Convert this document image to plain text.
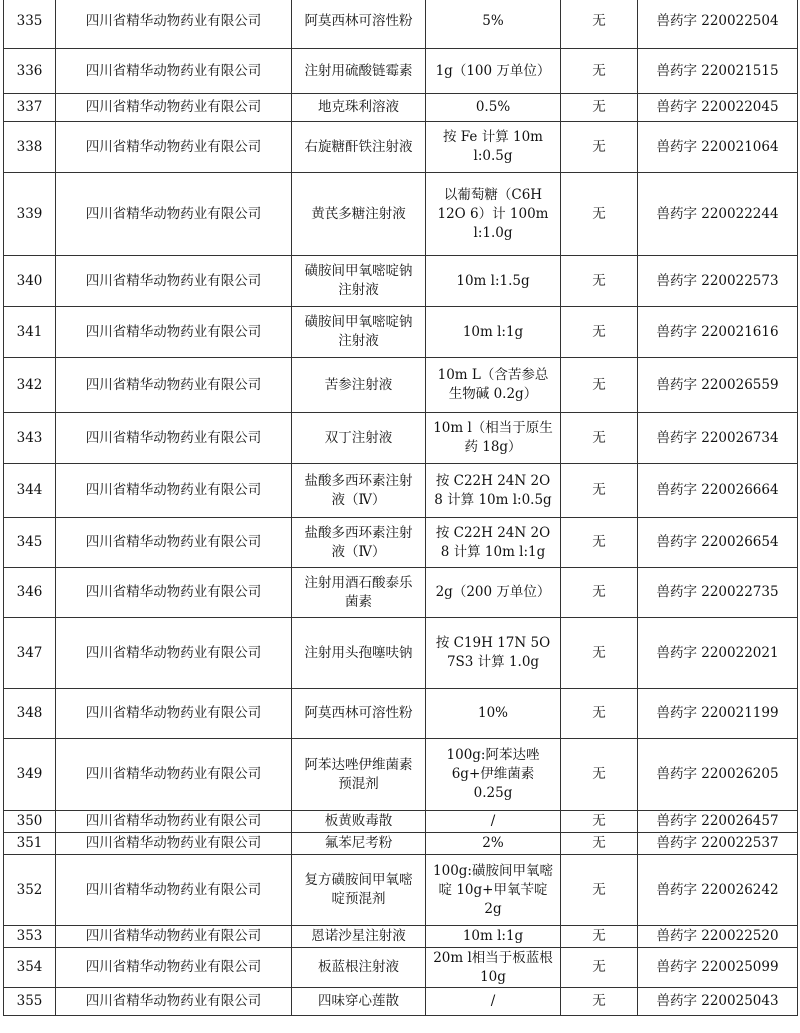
335	四川省精华动物药业有限公司	阿莫西林可溶性粉	5%	无	兽药字 220022504
336	四川省精华动物药业有限公司	注射用硫酸链霉素	1g（100 万单位）	无	兽药字 220021515
337	四川省精华动物药业有限公司	地克珠利溶液	0.5%	无	兽药字 220022045
338	四川省精华动物药业有限公司	右旋糖酐铁注射液	按 Fe 计算 10m l:0.5g	无	兽药字 220021064
339	四川省精华动物药业有限公司	黄芪多糖注射液	以葡萄糖（C6H 12O 6）计 100m l:1.0g	无	兽药字 220022244
340	四川省精华动物药业有限公司	磺胺间甲氧嘧啶钠注射液	10m l:1.5g	无	兽药字 220022573
341	四川省精华动物药业有限公司	磺胺间甲氧嘧啶钠注射液	10m l:1g	无	兽药字 220021616
342	四川省精华动物药业有限公司	苦参注射液	10m L（含苦参总生物碱 0.2g）	无	兽药字 220026559
343	四川省精华动物药业有限公司	双丁注射液	10m l（相当于原生药 18g）	无	兽药字 220026734
344	四川省精华动物药业有限公司	盐酸多西环素注射液（Ⅳ）	按 C22H 24N 2O 8 计算 10m l:0.5g	无	兽药字 220026664
345	四川省精华动物药业有限公司	盐酸多西环素注射液（Ⅳ）	按 C22H 24N 2O 8 计算 10m l:1g	无	兽药字 220026654
346	四川省精华动物药业有限公司	注射用酒石酸泰乐菌素	2g（200 万单位）	无	兽药字 220022735
347	四川省精华动物药业有限公司	注射用头孢噻呋钠	按 C19H 17N 5O 7S3 计算 1.0g	无	兽药字 220022021
348	四川省精华动物药业有限公司	阿莫西林可溶性粉	10%	无	兽药字 220021199
349	四川省精华动物药业有限公司	阿苯达唑伊维菌素预混剂	100g:阿苯达唑 6g+伊维菌素 0.25g	无	兽药字 220026205
350	四川省精华动物药业有限公司	板黄败毒散	/	无	兽药字 220026457
351	四川省精华动物药业有限公司	氟苯尼考粉	2%	无	兽药字 220022537
352	四川省精华动物药业有限公司	复方磺胺间甲氧嘧啶预混剂	100g:磺胺间甲氧嘧啶 10g+甲氧苄啶 2g	无	兽药字 220026242
353	四川省精华动物药业有限公司	恩诺沙星注射液	10m l:1g	无	兽药字 220022520
354	四川省精华动物药业有限公司	板蓝根注射液	20m l相当于板蓝根 10g	无	兽药字 220025099
355	四川省精华动物药业有限公司	四味穿心莲散	/	无	兽药字 220025043
